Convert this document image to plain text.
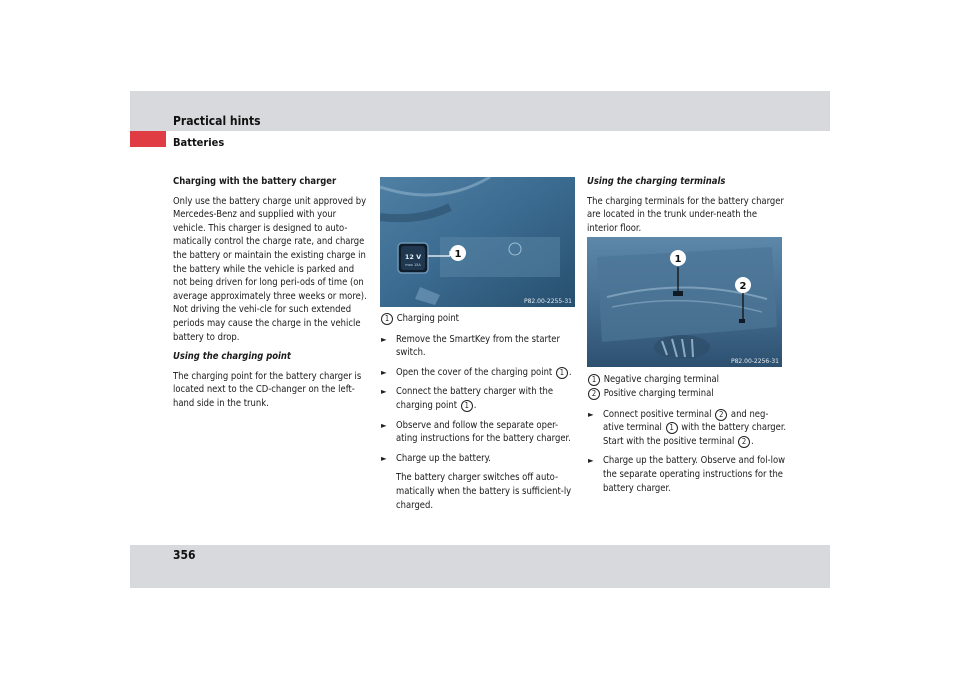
Practical hints
Batteries

Charging with the battery charger

Only use the battery charge unit approved by Mercedes-Benz and supplied with your vehicle. This charger is designed to auto-matically control the charge rate, and charge the battery or maintain the existing charge in the battery while the vehicle is parked and not being driven for long peri-ods of time (on average approximately three weeks or more). Not driving the vehi-cle for such extended periods may cause the charge in the vehicle battery to drop.

Using the charging point

The charging point for the battery charger is located next to the CD-changer on the left-hand side in the trunk.

12 V
max 15A
1
P82.00-2255-31

1 Charging point

► Remove the SmartKey from the starter switch.
► Open the cover of the charging point 1 .
► Connect the battery charger with the charging point 1 .
► Observe and follow the separate oper-ating instructions for the battery charger.
► Charge up the battery.

The battery charger switches off auto-matically when the battery is sufficient-ly charged.

Using the charging terminals

The charging terminals for the battery charger are located in the trunk under-neath the interior floor.

1
2
P82.00-2256-31

1 Negative charging terminal

2 Positive charging terminal

► Connect positive terminal 2 and neg-ative terminal 1 with the battery charger. Start with the positive terminal 2 .
► Charge up the battery. Observe and fol-low the separate operating instructions for the battery charger.
356
